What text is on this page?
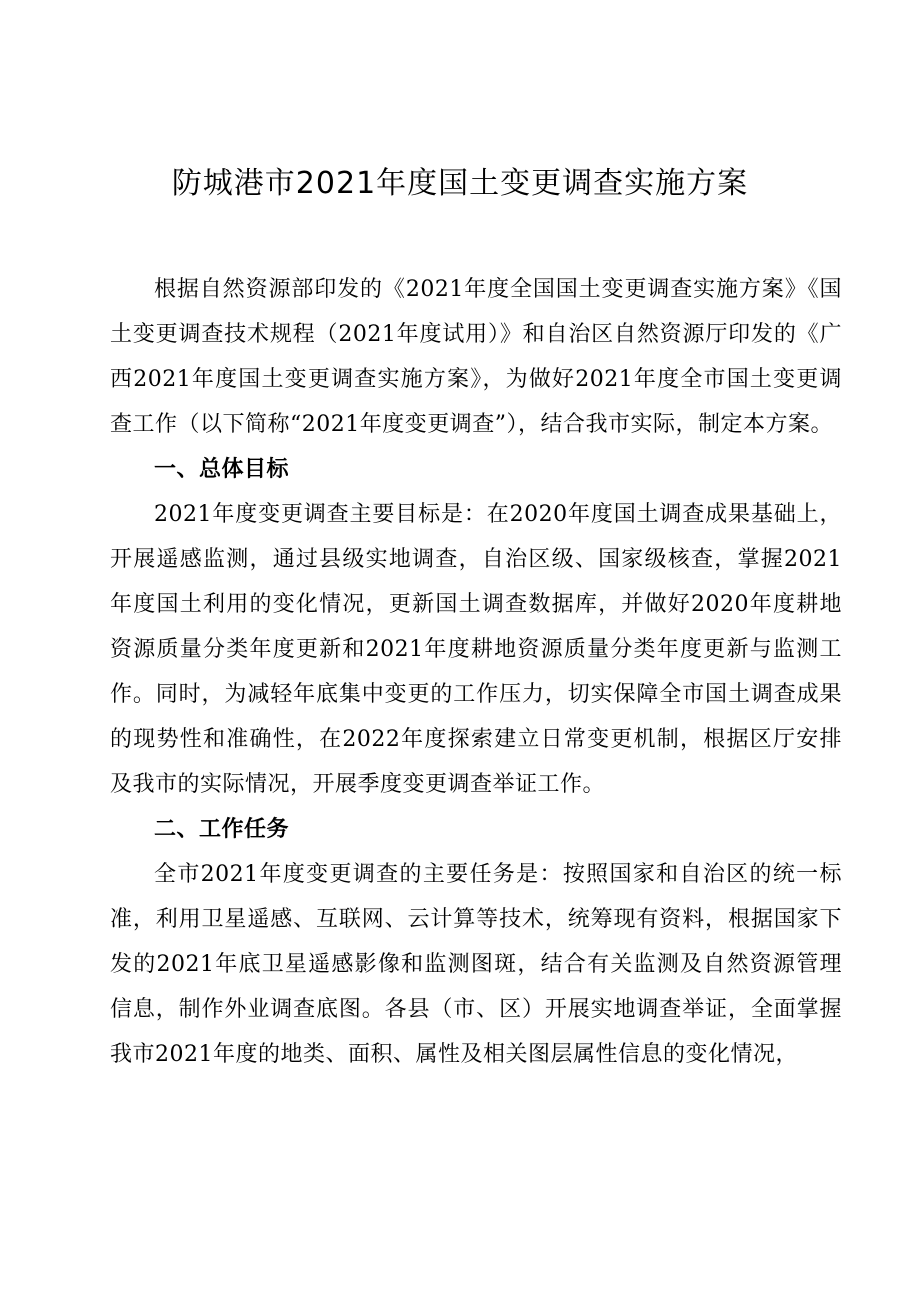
防城港市2021年度国土变更调查实施方案

根据自然资源部印发的《2021年度全国国土变更调查实施方案》《国土变更调查技术规程（2021年度试用）》和自治区自然资源厅印发的《广西2021年度国土变更调查实施方案》，为做好2021年度全市国土变更调查工作（以下简称“2021年度变更调查”），结合我市实际，制定本方案。

一、总体目标

2021年度变更调查主要目标是：在2020年度国土调查成果基础上，开展遥感监测，通过县级实地调查，自治区级、国家级核查，掌握2021年度国土利用的变化情况，更新国土调查数据库，并做好2020年度耕地资源质量分类年度更新和2021年度耕地资源质量分类年度更新与监测工作。同时，为减轻年底集中变更的工作压力，切实保障全市国土调查成果的现势性和准确性，在2022年度探索建立日常变更机制，根据区厅安排及我市的实际情况，开展季度变更调查举证工作。

二、工作任务

全市2021年度变更调查的主要任务是：按照国家和自治区的统一标准，利用卫星遥感、互联网、云计算等技术，统筹现有资料，根据国家下发的2021年底卫星遥感影像和监测图斑，结合有关监测及自然资源管理信息，制作外业调查底图。各县（市、区）开展实地调查举证，全面掌握我市2021年度的地类、面积、属性及相关图层属性信息的变化情况，
